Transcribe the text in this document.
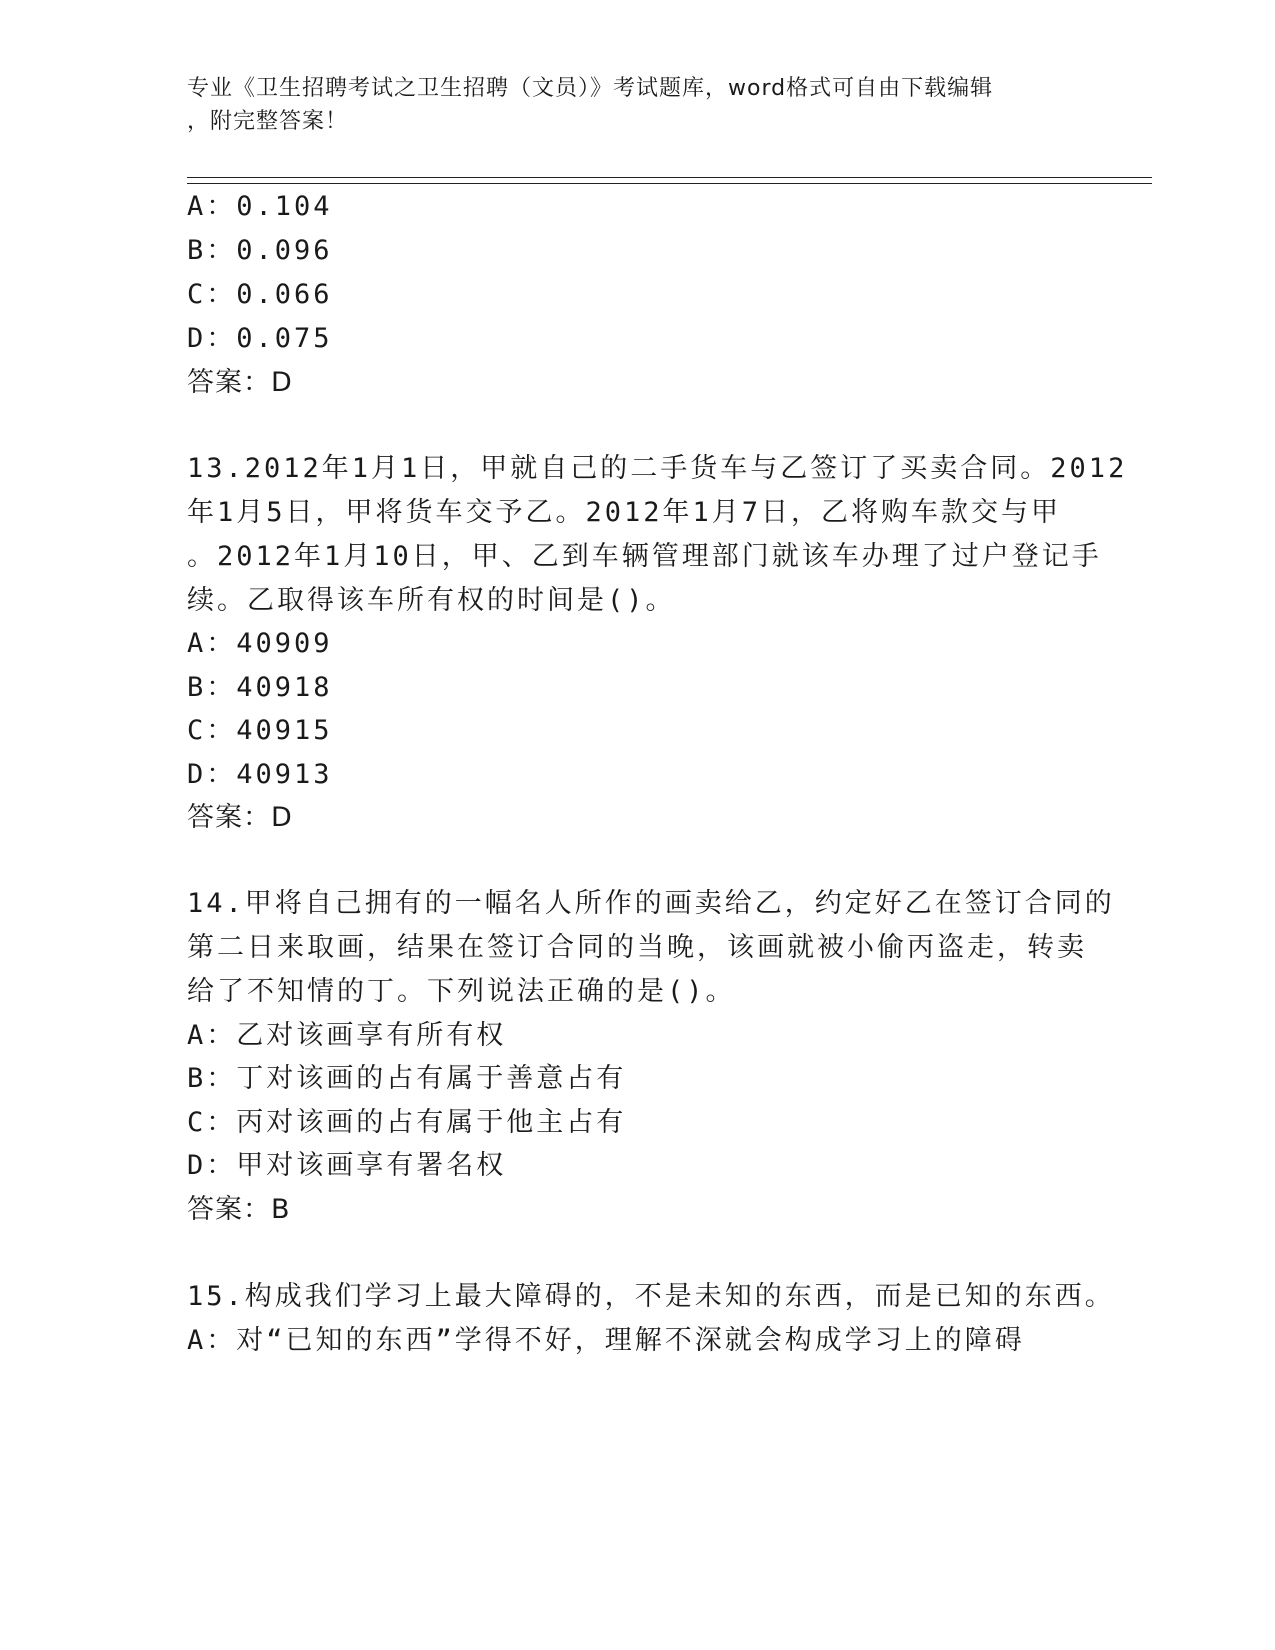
专业《卫生招聘考试之卫生招聘（文员）》考试题库，word格式可自由下载编辑
，附完整答案！
A：0.104
B：0.096
C：0.066
D：0.075
答案：D
13.2012年1月1日，甲就自己的二手货车与乙签订了买卖合同。2012
年1月5日，甲将货车交予乙。2012年1月7日，乙将购车款交与甲
。2012年1月10日，甲、乙到车辆管理部门就该车办理了过户登记手
续。乙取得该车所有权的时间是()。
A：40909
B：40918
C：40915
D：40913
答案：D
14.甲将自己拥有的一幅名人所作的画卖给乙，约定好乙在签订合同的
第二日来取画，结果在签订合同的当晚，该画就被小偷丙盗走，转卖
给了不知情的丁。下列说法正确的是()。
A：乙对该画享有所有权
B：丁对该画的占有属于善意占有
C：丙对该画的占有属于他主占有
D：甲对该画享有署名权
答案：B
15.构成我们学习上最大障碍的，不是未知的东西，而是已知的东西。
A：对“已知的东西”学得不好，理解不深就会构成学习上的障碍
